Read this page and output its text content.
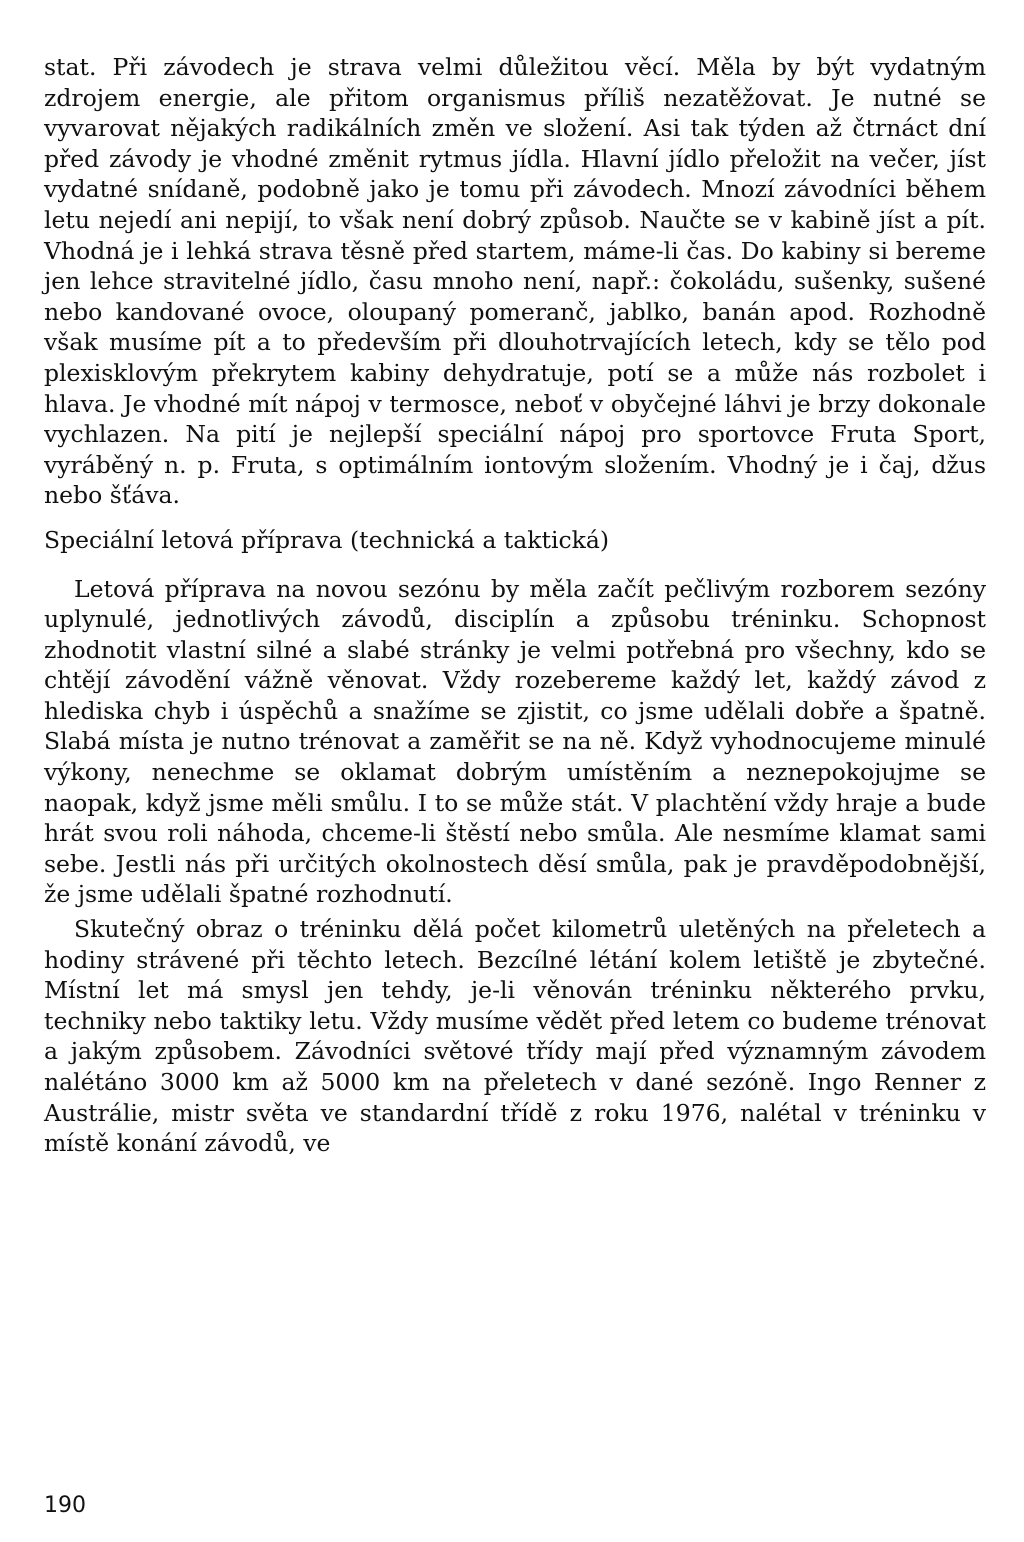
stat. Při závodech je strava velmi důležitou věcí. Měla by být vydatným zdrojem energie, ale přitom organismus příliš nezatěžovat. Je nutné se vyvarovat nějakých radikálních změn ve složení. Asi tak týden až čtrnáct dní před závody je vhodné změnit rytmus jídla. Hlavní jídlo přeložit na večer, jíst vydatné snídaně, podobně jako je tomu při závodech. Mnozí závodníci během letu nejedí ani nepijí, to však není dobrý způsob. Naučte se v kabině jíst a pít. Vhodná je i lehká strava těsně před startem, máme-li čas. Do kabiny si bereme jen lehce stravitelné jídlo, času mnoho není, např.: čokoládu, sušenky, sušené nebo kandované ovoce, oloupaný pomeranč, jablko, banán apod. Rozhodně však musíme pít a to především při dlouhotrvajících letech, kdy se tělo pod plexisklovým překrytem kabiny dehydratuje, potí se a může nás rozbolet i hlava. Je vhodné mít nápoj v termosce, neboť v obyčejné láhvi je brzy dokonale vychlazen. Na pití je nejlepší speciální nápoj pro sportovce Fruta Sport, vyráběný n. p. Fruta, s optimálním iontovým složením. Vhodný je i čaj, džus nebo šťáva.

Speciální letová příprava (technická a taktická)

Letová příprava na novou sezónu by měla začít pečlivým rozborem sezóny uplynulé, jednotlivých závodů, disciplín a způsobu tréninku. Schopnost zhodnotit vlastní silné a slabé stránky je velmi potřebná pro všechny, kdo se chtějí závodění vážně věnovat. Vždy rozebereme každý let, každý závod z hlediska chyb i úspěchů a snažíme se zjistit, co jsme udělali dobře a špatně. Slabá místa je nutno trénovat a zaměřit se na ně. Když vyhodnocujeme minulé výkony, nenechme se oklamat dobrým umístěním a neznepokojujme se naopak, když jsme měli smůlu. I to se může stát. V plachtění vždy hraje a bude hrát svou roli náhoda, chceme-li štěstí nebo smůla. Ale nesmíme klamat sami sebe. Jestli nás při určitých okolnostech děsí smůla, pak je pravděpodobnější, že jsme udělali špatné rozhodnutí.

Skutečný obraz o tréninku dělá počet kilometrů uletěných na přeletech a hodiny strávené při těchto letech. Bezcílné létání kolem letiště je zbytečné. Místní let má smysl jen tehdy, je-li věnován tréninku některého prvku, techniky nebo taktiky letu. Vždy musíme vědět před letem co budeme trénovat a jakým způsobem. Závodníci světové třídy mají před významným závodem nalétáno 3000 km až 5000 km na přeletech v dané sezóně. Ingo Renner z Austrálie, mistr světa ve standardní třídě z roku 1976, nalétal v tréninku v místě konání závodů, ve

190
